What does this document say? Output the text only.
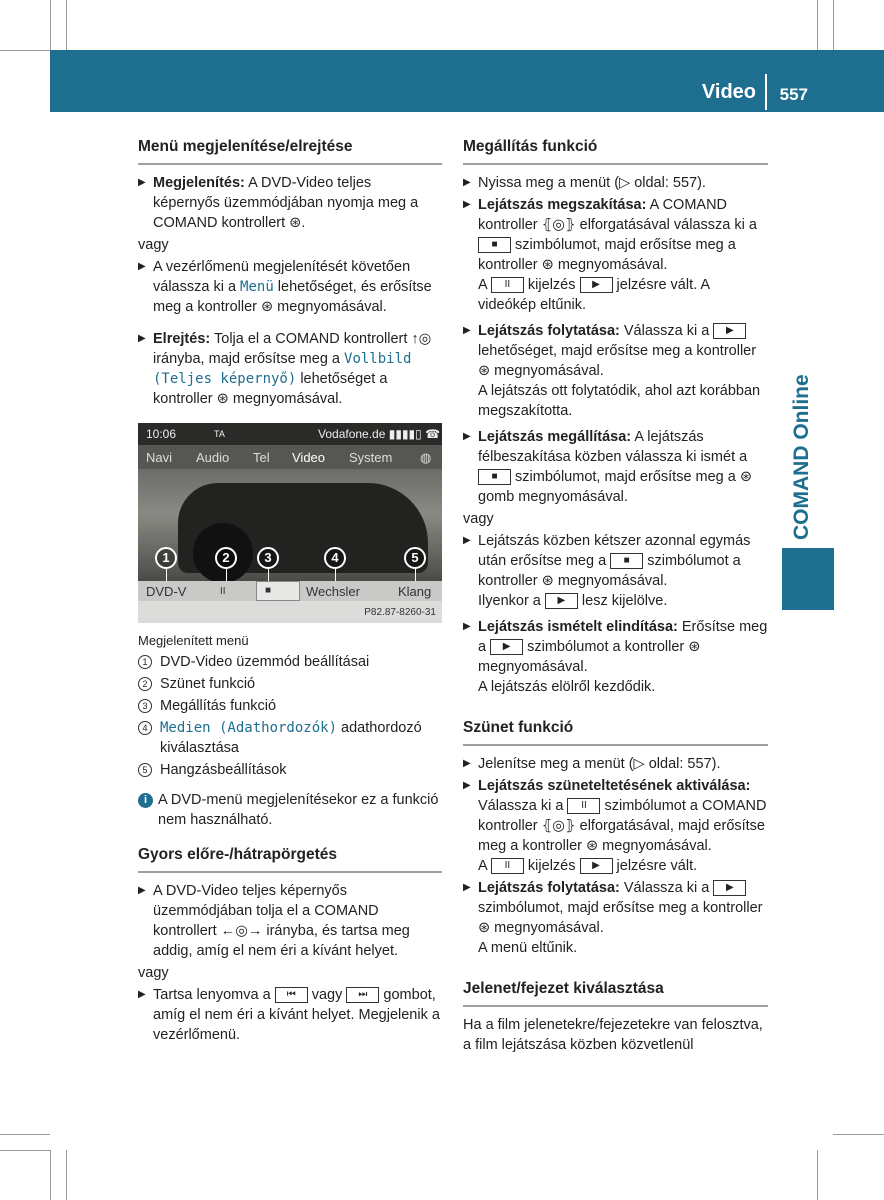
Video 557
COMAND Online
Menü megjelenítése/elrejtése

▶ Megjelenítés: A DVD-Video teljes képernyős üzemmódjában nyomja meg a COMAND kontrollert ⊛.

vagy

▶ A vezérlőmenü megjelenítését követően válassza ki a Menü lehetőséget, és erősítse meg a kontroller ⊛ megnyomásával.

▶ Elrejtés: Tolja el a COMAND kontrollert ↑◎ irányba, majd erősítse meg a Vollbild (Teljes képernyő) lehetőséget a kontroller ⊛ megnyomásával.

10:06	TA	Vodafone.de ▮▮▮▮▯ ☎
Navi Audio Tel Video System ◍
1	2	3	4	5
DVD-V	II	■	Wechsler	Klang
P82.87-8260-31

Megjelenített menü

1 DVD-Video üzemmód beállításai

2 Szünet funkció

3 Megállítás funkció

4 Medien (Adathordozók) adathordozó kiválasztása

5 Hangzásbeállítások

i A DVD-menü megjelenítésekor ez a funkció nem használható.

Gyors előre-/hátrapörgetés

▶ A DVD-Video teljes képernyős üzemmódjában tolja el a COMAND kontrollert ←◎→ irányba, és tartsa meg addig, amíg el nem éri a kívánt helyet.

vagy

▶ Tartsa lenyomva a ⏮ vagy ⏭ gombot, amíg el nem éri a kívánt helyet. Megjelenik a vezérlőmenü.

Megállítás funkció

▶ Nyissa meg a menüt (▷ oldal: 557).

▶ Lejátszás megszakítása: A COMAND kontroller ⦃◎⦄ elforgatásával válassza ki a ■ szimbólumot, majd erősítse meg a kontroller ⊛ megnyomásával.
A II kijelzés ▶ jelzésre vált. A videókép eltűnik.

▶ Lejátszás folytatása: Válassza ki a ▶ lehetőséget, majd erősítse meg a kontroller ⊛ megnyomásával.
A lejátszás ott folytatódik, ahol azt korábban megszakította.

▶ Lejátszás megállítása: A lejátszás félbeszakítása közben válassza ki ismét a ■ szimbólumot, majd erősítse meg a ⊛ gomb megnyomásával.

vagy

▶ Lejátszás közben kétszer azonnal egymás után erősítse meg a ■ szimbólumot a kontroller ⊛ megnyomásával.
Ilyenkor a ▶ lesz kijelölve.

▶ Lejátszás ismételt elindítása: Erősítse meg a ▶ szimbólumot a kontroller ⊛ megnyomásával.
A lejátszás elölről kezdődik.

Szünet funkció

▶ Jelenítse meg a menüt (▷ oldal: 557).

▶ Lejátszás szüneteltetésének aktiválása: Válassza ki a II szimbólumot a COMAND kontroller ⦃◎⦄ elforgatásával, majd erősítse meg a kontroller ⊛ megnyomásával.
A II kijelzés ▶ jelzésre vált.

▶ Lejátszás folytatása: Válassza ki a ▶ szimbólumot, majd erősítse meg a kontroller ⊛ megnyomásával.
A menü eltűnik.

Jelenet/fejezet kiválasztása

Ha a film jelenetekre/fejezetekre van felosztva, a film lejátszása közben közvetlenül
